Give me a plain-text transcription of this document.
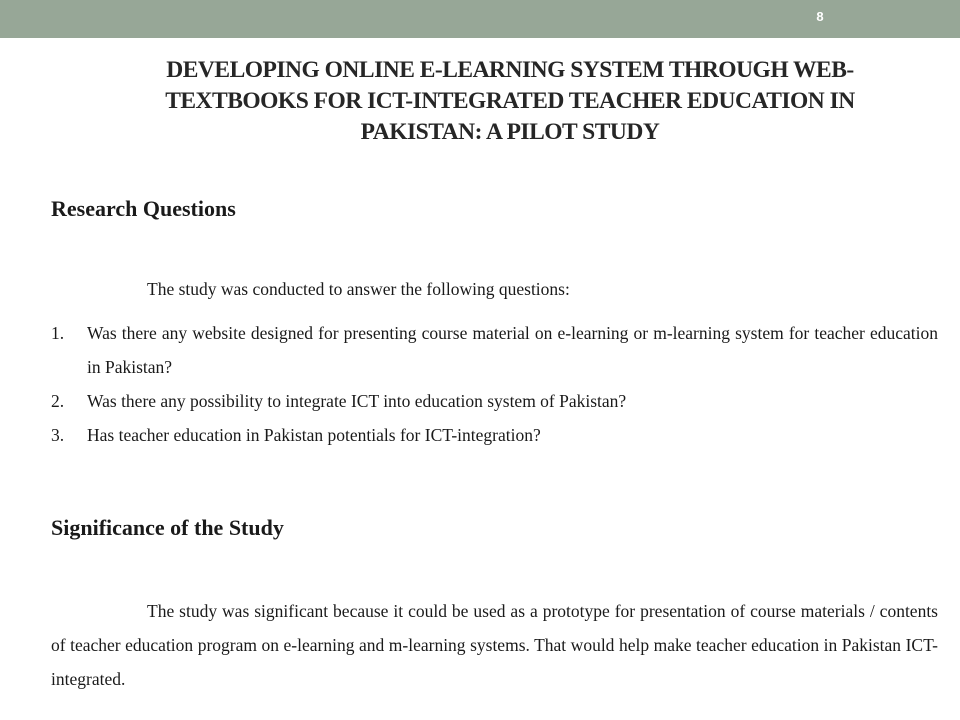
8
DEVELOPING ONLINE E-LEARNING SYSTEM THROUGH WEB-TEXTBOOKS FOR ICT-INTEGRATED TEACHER EDUCATION IN PAKISTAN: A PILOT STUDY
Research Questions

The study was conducted to answer the following questions:

1.	Was there any website designed for presenting course material on e-learning or m-learning system for teacher education in Pakistan?
2.	Was there any possibility to integrate ICT into education system of Pakistan?
3.	Has teacher education in Pakistan potentials for ICT-integration?
Significance of the Study

The study was significant because it could be used as a prototype for presentation of course materials / contents of teacher education program on e-learning and m-learning systems. That would help make teacher education in Pakistan ICT-integrated.
